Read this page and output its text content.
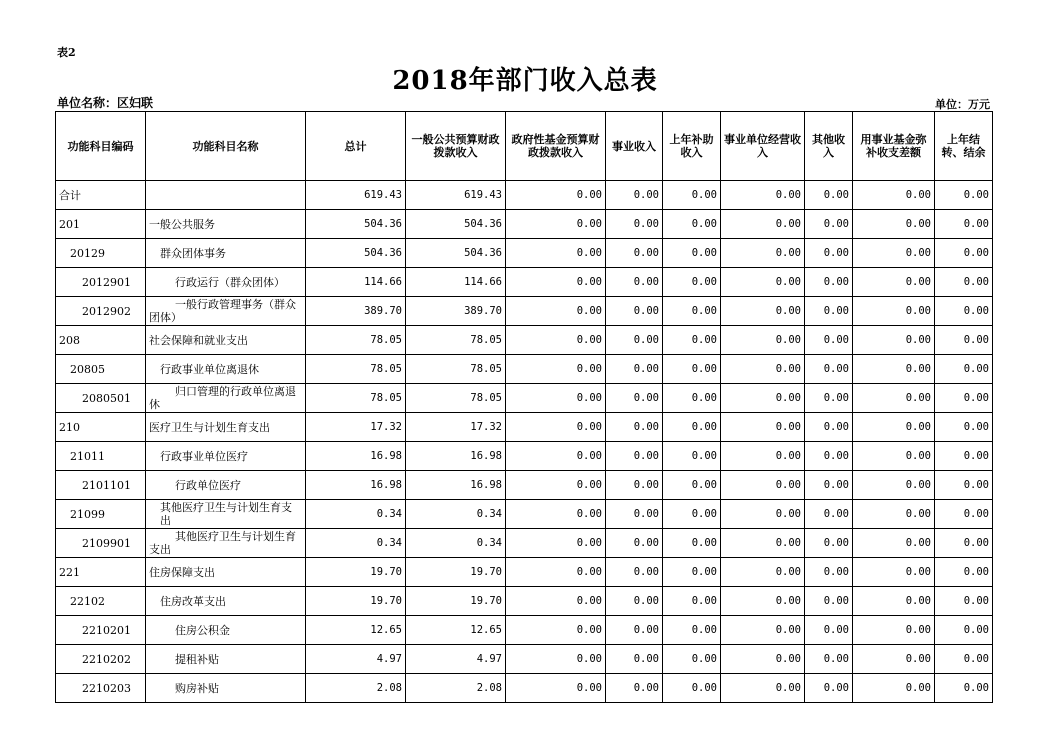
表2
2018年部门收入总表
单位名称：区妇联	单位：万元
功能科目编码	功能科目名称	总计	一般公共预算财政拨款收入	政府性基金预算财政拨款收入	事业收入	上年补助收入	事业单位经营收入	其他收入	用事业基金弥补收支差额	上年结转、结余
合计		619.43	619.43	0.00	0.00	0.00	0.00	0.00	0.00	0.00
201	一般公共服务	504.36	504.36	0.00	0.00	0.00	0.00	0.00	0.00	0.00
20129	群众团体事务	504.36	504.36	0.00	0.00	0.00	0.00	0.00	0.00	0.00
2012901	行政运行（群众团体）	114.66	114.66	0.00	0.00	0.00	0.00	0.00	0.00	0.00
2012902	一般行政管理事务（群众团体）	389.70	389.70	0.00	0.00	0.00	0.00	0.00	0.00	0.00
208	社会保障和就业支出	78.05	78.05	0.00	0.00	0.00	0.00	0.00	0.00	0.00
20805	行政事业单位离退休	78.05	78.05	0.00	0.00	0.00	0.00	0.00	0.00	0.00
2080501	归口管理的行政单位离退休	78.05	78.05	0.00	0.00	0.00	0.00	0.00	0.00	0.00
210	医疗卫生与计划生育支出	17.32	17.32	0.00	0.00	0.00	0.00	0.00	0.00	0.00
21011	行政事业单位医疗	16.98	16.98	0.00	0.00	0.00	0.00	0.00	0.00	0.00
2101101	行政单位医疗	16.98	16.98	0.00	0.00	0.00	0.00	0.00	0.00	0.00
21099	其他医疗卫生与计划生育支出	0.34	0.34	0.00	0.00	0.00	0.00	0.00	0.00	0.00
2109901	其他医疗卫生与计划生育支出	0.34	0.34	0.00	0.00	0.00	0.00	0.00	0.00	0.00
221	住房保障支出	19.70	19.70	0.00	0.00	0.00	0.00	0.00	0.00	0.00
22102	住房改革支出	19.70	19.70	0.00	0.00	0.00	0.00	0.00	0.00	0.00
2210201	住房公积金	12.65	12.65	0.00	0.00	0.00	0.00	0.00	0.00	0.00
2210202	提租补贴	4.97	4.97	0.00	0.00	0.00	0.00	0.00	0.00	0.00
2210203	购房补贴	2.08	2.08	0.00	0.00	0.00	0.00	0.00	0.00	0.00
